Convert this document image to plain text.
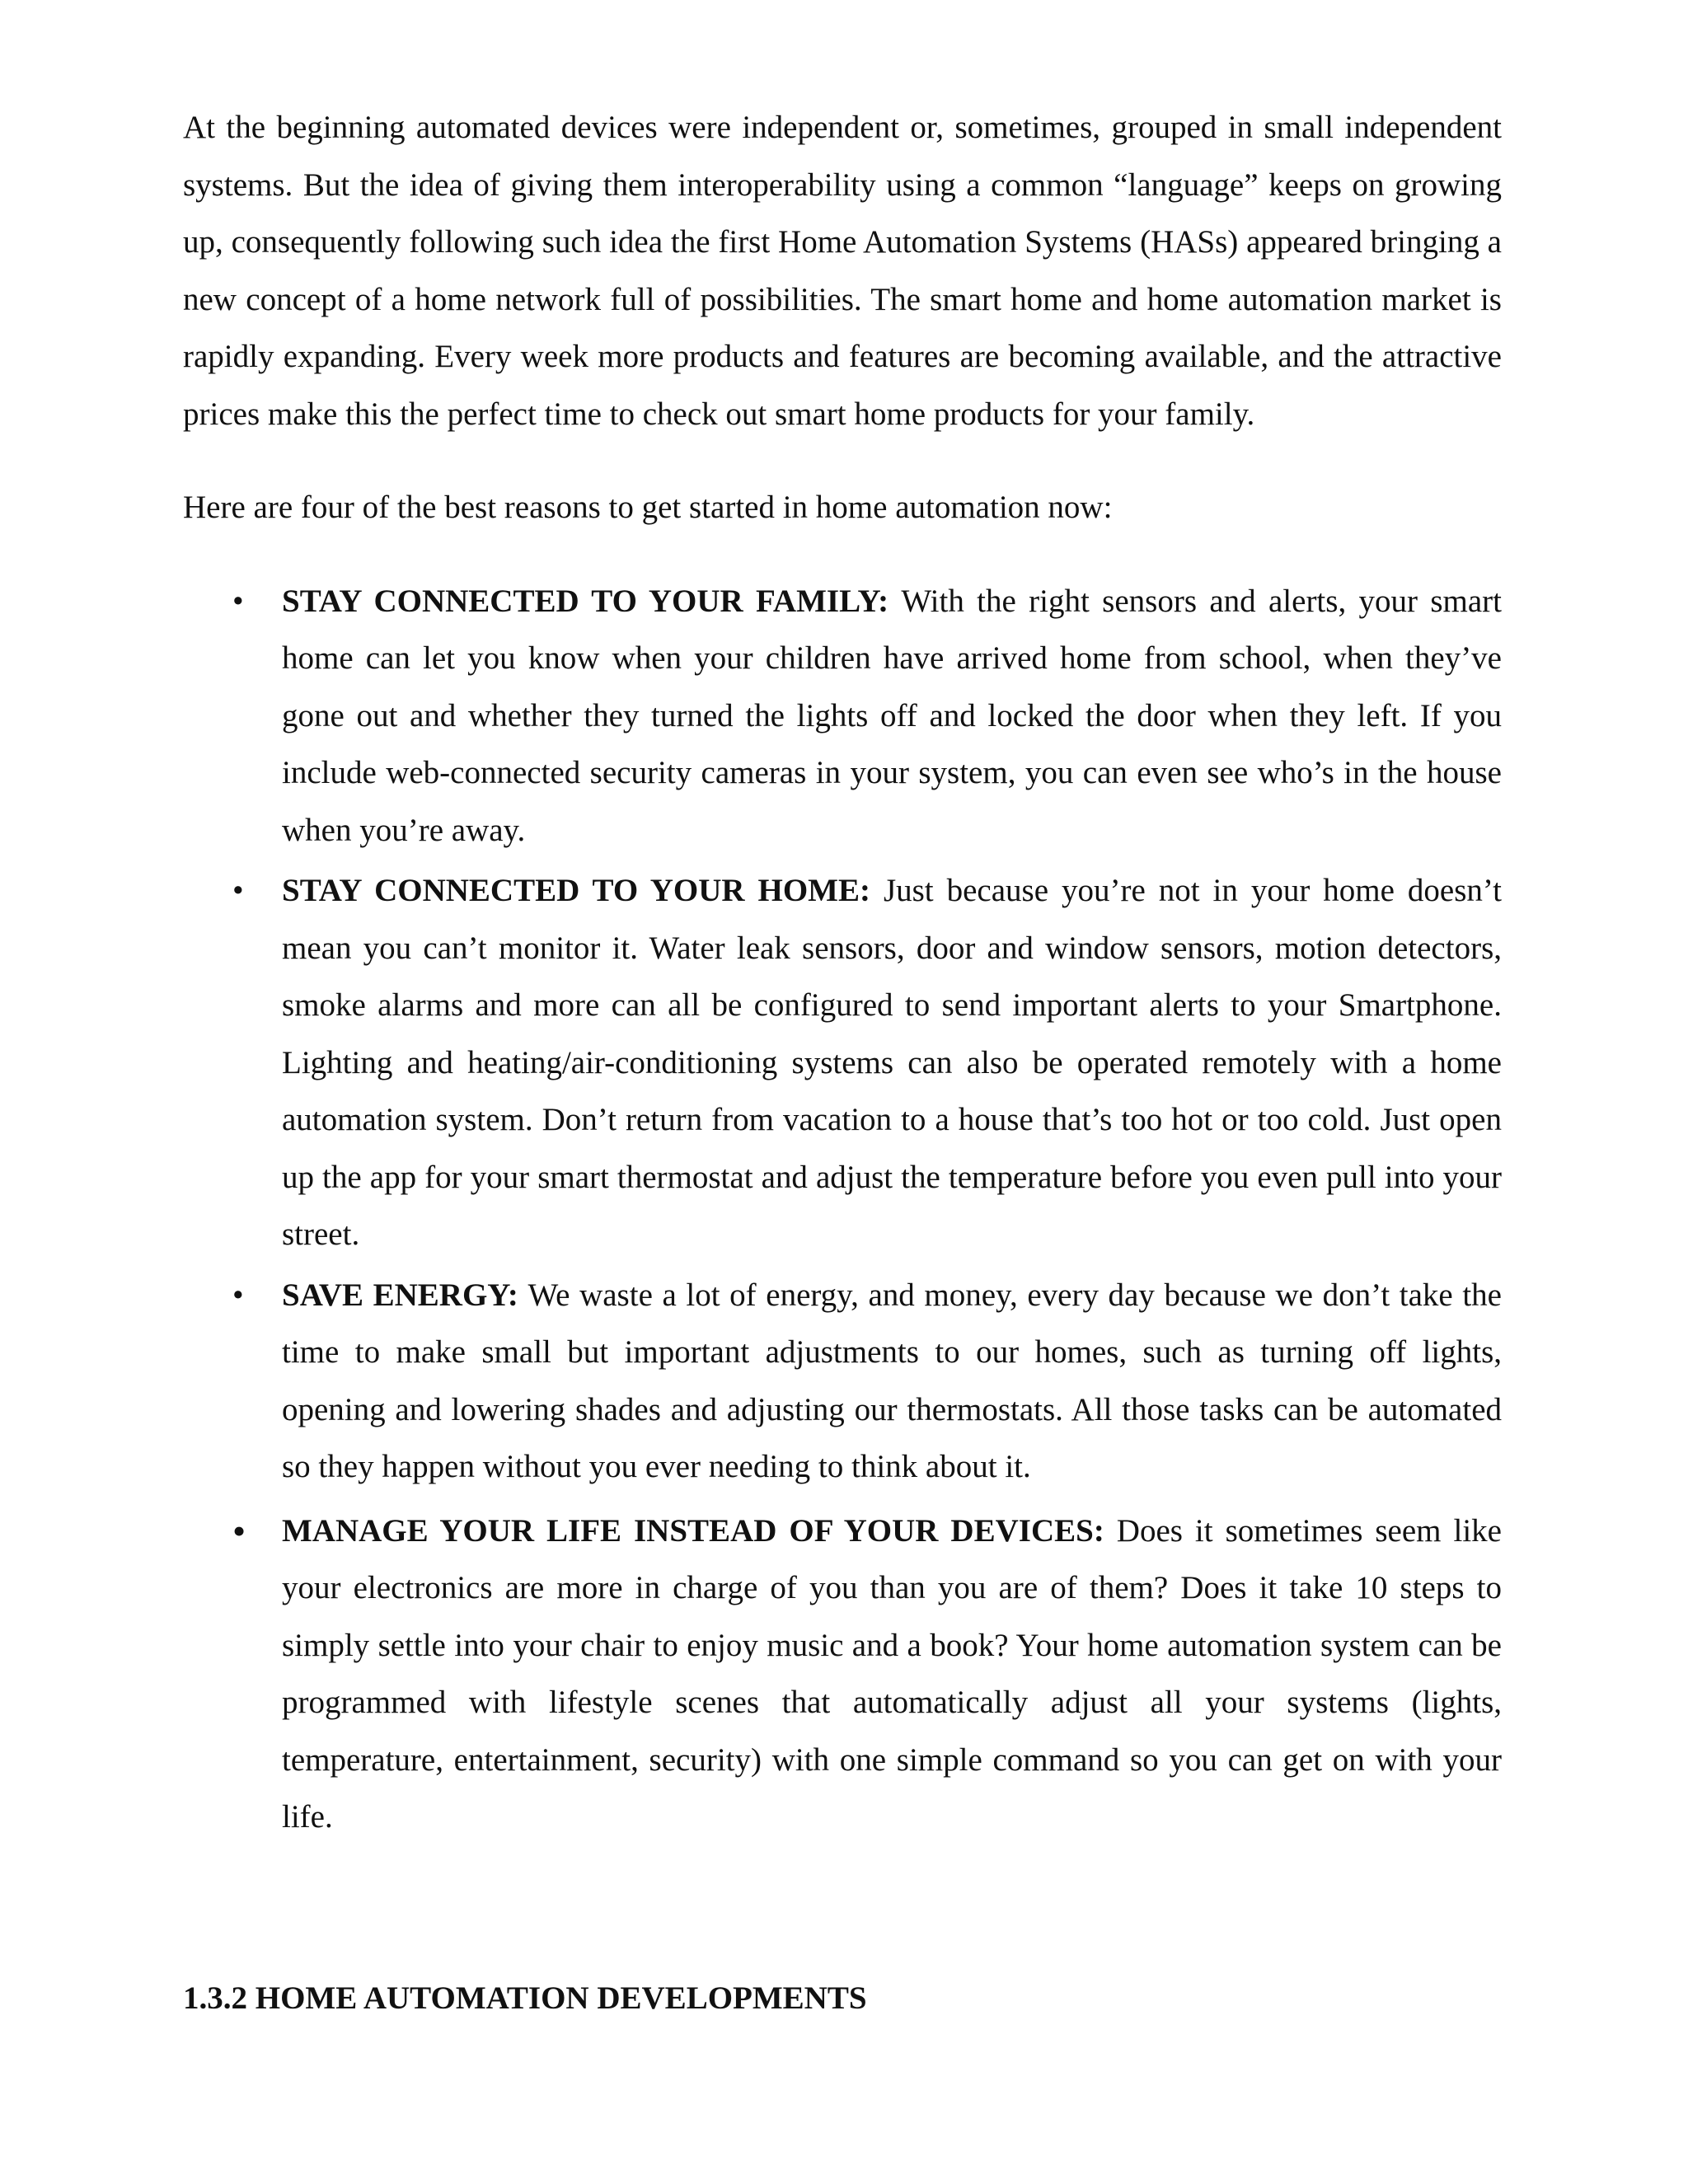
At the beginning automated devices were independent or, sometimes, grouped in small independent systems. But the idea of giving them interoperability using a common “language” keeps on growing up, consequently following such idea the first Home Automation Systems (HASs) appeared bringing a new concept of a home network full of possibilities. The smart home and home automation market is rapidly expanding. Every week more products and features are becoming available, and the attractive prices make this the perfect time to check out smart home products for your family.

Here are four of the best reasons to get started in home automation now:

• STAY CONNECTED TO YOUR FAMILY: With the right sensors and alerts, your smart home can let you know when your children have arrived home from school, when they’ve gone out and whether they turned the lights off and locked the door when they left. If you include web-connected security cameras in your system, you can even see who’s in the house when you’re away.
• STAY CONNECTED TO YOUR HOME: Just because you’re not in your home doesn’t mean you can’t monitor it. Water leak sensors, door and window sensors, motion detectors, smoke alarms and more can all be configured to send important alerts to your Smartphone. Lighting and heating/air-conditioning systems can also be operated remotely with a home automation system. Don’t return from vacation to a house that’s too hot or too cold. Just open up the app for your smart thermostat and adjust the temperature before you even pull into your street.
• SAVE ENERGY: We waste a lot of energy, and money, every day because we don’t take the time to make small but important adjustments to our homes, such as turning off lights, opening and lowering shades and adjusting our thermostats. All those tasks can be automated so they happen without you ever needing to think about it.
• MANAGE YOUR LIFE INSTEAD OF YOUR DEVICES: Does it sometimes seem like your electronics are more in charge of you than you are of them? Does it take 10 steps to simply settle into your chair to enjoy music and a book? Your home automation system can be programmed with lifestyle scenes that automatically adjust all your systems (lights, temperature, entertainment, security) with one simple command so you can get on with your life.
1.3.2 HOME AUTOMATION DEVELOPMENTS
